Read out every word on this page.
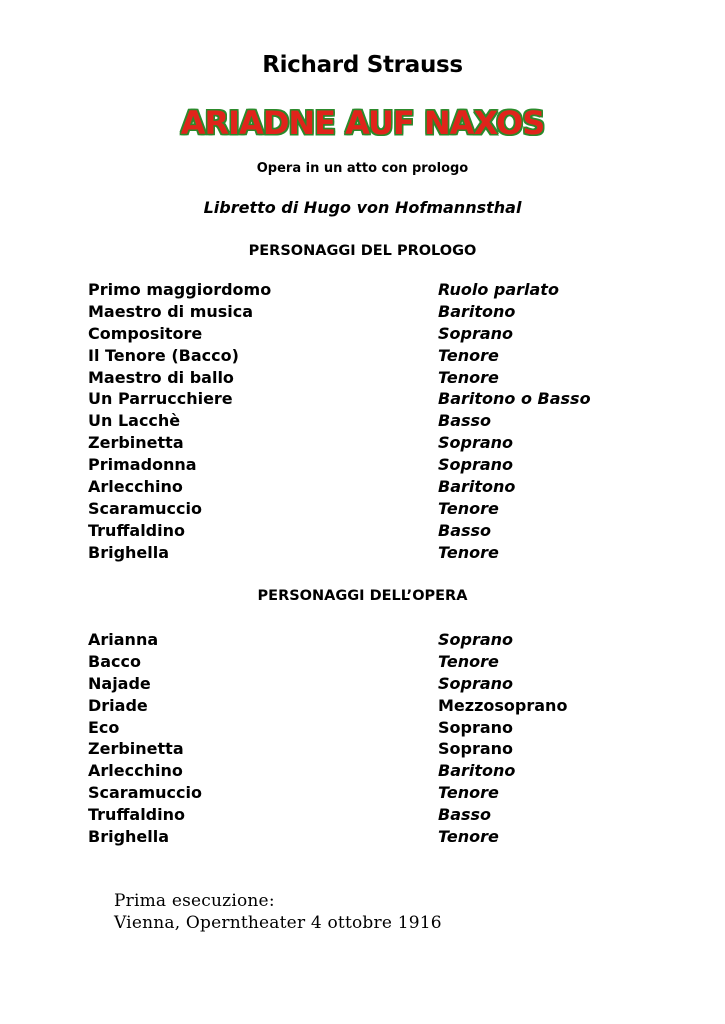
Richard Strauss
ARIADNE AUF NAXOS
Opera in un atto con prologo
Libretto di Hugo von Hofmannsthal
PERSONAGGI DEL PROLOGO
Primo maggiordomo	Ruolo parlato
Maestro di musica	Baritono
Compositore	Soprano
Il Tenore (Bacco)	Tenore
Maestro di ballo	Tenore
Un Parrucchiere	Baritono o Basso
Un Lacchè	Basso
Zerbinetta	Soprano
Primadonna	Soprano
Arlecchino	Baritono
Scaramuccio	Tenore
Truffaldino	Basso
Brighella	Tenore
PERSONAGGI DELL’OPERA
Arianna	Soprano
Bacco	Tenore
Najade	Soprano
Driade	Mezzosoprano
Eco	Soprano
Zerbinetta	Soprano
Arlecchino	Baritono
Scaramuccio	Tenore
Truffaldino	Basso
Brighella	Tenore
Prima esecuzione:
Vienna, Operntheater 4 ottobre 1916
